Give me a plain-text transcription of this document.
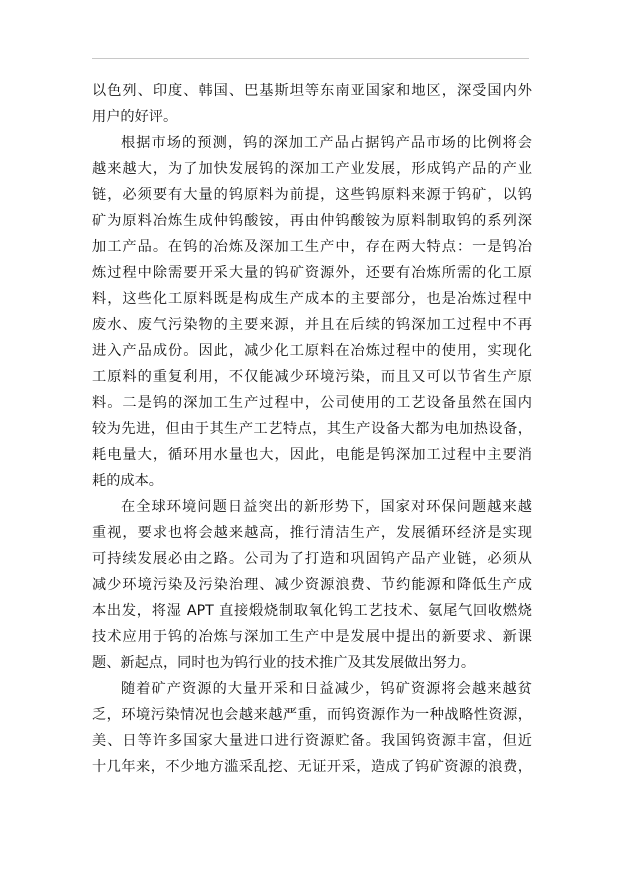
以色列、印度、韩国、巴基斯坦等东南亚国家和地区，深受国内外
用户的好评。
根据市场的预测，钨的深加工产品占据钨产品市场的比例将会
越来越大，为了加快发展钨的深加工产业发展，形成钨产品的产业
链，必须要有大量的钨原料为前提，这些钨原料来源于钨矿，以钨
矿为原料冶炼生成仲钨酸铵，再由仲钨酸铵为原料制取钨的系列深
加工产品。在钨的冶炼及深加工生产中，存在两大特点：一是钨冶
炼过程中除需要开采大量的钨矿资源外，还要有冶炼所需的化工原
料，这些化工原料既是构成生产成本的主要部分，也是冶炼过程中
废水、废气污染物的主要来源，并且在后续的钨深加工过程中不再
进入产品成份。因此，减少化工原料在冶炼过程中的使用，实现化
工原料的重复利用，不仅能减少环境污染，而且又可以节省生产原
料。二是钨的深加工生产过程中，公司使用的工艺设备虽然在国内
较为先进，但由于其生产工艺特点，其生产设备大都为电加热设备，
耗电量大，循环用水量也大，因此，电能是钨深加工过程中主要消
耗的成本。
在全球环境问题日益突出的新形势下，国家对环保问题越来越
重视，要求也将会越来越高，推行清洁生产，发展循环经济是实现
可持续发展必由之路。公司为了打造和巩固钨产品产业链，必须从
减少环境污染及污染治理、减少资源浪费、节约能源和降低生产成
本出发，将湿 APT 直接煅烧制取氧化钨工艺技术、氨尾气回收燃烧
技术应用于钨的冶炼与深加工生产中是发展中提出的新要求、新课
题、新起点，同时也为钨行业的技术推广及其发展做出努力。
随着矿产资源的大量开采和日益减少，钨矿资源将会越来越贫
乏，环境污染情况也会越来越严重，而钨资源作为一种战略性资源，
美、日等许多国家大量进口进行资源贮备。我国钨资源丰富，但近
十几年来，不少地方滥采乱挖、无证开采，造成了钨矿资源的浪费，
